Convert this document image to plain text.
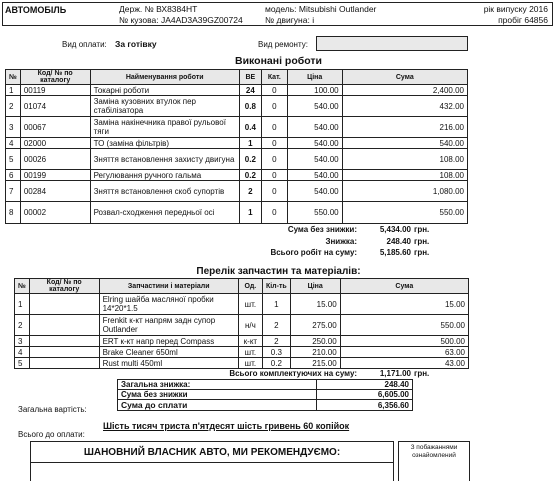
АВТОМОБІЛЬ	Держ. № ВХ8384НТ
№ кузова: JA4AD3A39GZ00724
модель: Mitsubishi Outlander
№ двигуна: і
рік випуску 2016
пробіг 64856
Вид оплати: За готівку	Вид ремонту:
Виконані роботи
№	Код/ № по каталогу	Найменування роботи	ВЕ	Кат.	Ціна	Сума
1	00119	Токарні роботи	24	0	100.00	2,400.00
2	01074	Заміна кузовних втулок пер стабілізатора	0.8	0	540.00	432.00
3	00067	Заміна накінечника правої рульової тяги	0.4	0	540.00	216.00
4	02000	ТО (заміна фільтрів)	1	0	540.00	540.00
5	00026	Зняття встановлення захисту двигуна	0.2	0	540.00	108.00
6	00199	Регулювання ручного гальма	0.2	0	540.00	108.00
7	00284	Зняття встановлення скоб супортів	2	0	540.00	1,080.00
8	00002	Розвал-сходження передньої осі	1	0	550.00	550.00
Сума без знижки:	5,434.00 грн.
Знижка:	248.40 грн.
Всього робіт на суму:	5,185.60 грн.
Перелік запчастин та матеріалів:
№	Код/ № по каталогу	Запчастини і матеріали	Од.	Кіл-ть	Ціна	Сума
1		Elring шайба масляної пробки 14*20*1.5	шт.	1	15.00	15.00
2		Frenkit к-кт напрям задн супор Outlander	н/ч	2	275.00	550.00
3		ERT к-кт напр перед Compass	к-кт	2	250.00	500.00
4		Brake Cleaner 650ml	шт.	0.3	210.00	63.00
5		Rust multi 450ml	шт.	0.2	215.00	43.00
Всього комплектуючих на суму:	1,171.00 грн.
Загальна вартість:
Загальна знижка:	248.40
Сума без знижки	6,605.00
Сума до сплати	6,356.60
Всього до оплати:
Шість тисяч триста п'ятдесят шість гривень 60 копійок
ШАНОВНИЙ ВЛАСНИК АВТО, МИ РЕКОМЕНДУЄМО:	З побажаннями ознайомлений
